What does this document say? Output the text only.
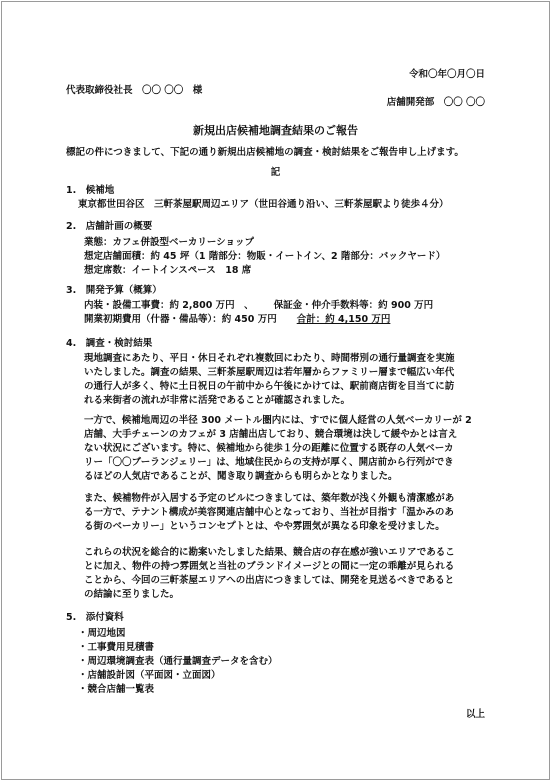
令和〇年〇月〇日
代表取締役社長　〇〇 〇〇　様
店舗開発部　〇〇 〇〇
新規出店候補地調査結果のご報告
標記の件につきまして、下記の通り新規出店候補地の調査・検討結果をご報告申し上げます。
記
1.　候補地
東京都世田谷区　三軒茶屋駅周辺エリア（世田谷通り沿い、三軒茶屋駅より徒歩４分）
2.　店舗計画の概要
業態：カフェ併設型ベーカリーショップ
想定店舗面積：約 45 坪（1 階部分：物販・イートイン、2 階部分：バックヤード）
想定席数：イートインスペース　18 席
3.　開発予算（概算）
内装・設備工事費：約 2,800 万円　、 保証金・仲介手数料等：約 900 万円
開業初期費用（什器・備品等）：約 450 万円 合計：約 4,150 万円
4.　調査・検討結果
現地調査にあたり、平日・休日それぞれ複数回にわたり、時間帯別の通行量調査を実施
いたしました。調査の結果、三軒茶屋駅周辺は若年層からファミリー層まで幅広い年代
の通行人が多く、特に土日祝日の午前中から午後にかけては、駅前商店街を目当てに訪
れる来街者の流れが非常に活発であることが確認されました。
一方で、候補地周辺の半径 300 メートル圏内には、すでに個人経営の人気ベーカリーが 2
店舗、大手チェーンのカフェが 3 店舗出店しており、競合環境は決して緩やかとは言え
ない状況にございます。特に、候補地から徒歩１分の距離に位置する既存の人気ベーカ
リー「〇〇ブーランジェリー」は、地域住民からの支持が厚く、開店前から行列ができ
るほどの人気店であることが、聞き取り調査からも明らかとなりました。
また、候補物件が入居する予定のビルにつきましては、築年数が浅く外観も清潔感があ
る一方で、テナント構成が美容関連店舗中心となっており、当社が目指す「温かみのあ
る街のベーカリー」というコンセプトとは、やや雰囲気が異なる印象を受けました。
これらの状況を総合的に勘案いたしました結果、競合店の存在感が強いエリアであるこ
とに加え、物件の持つ雰囲気と当社のブランドイメージとの間に一定の乖離が見られる
ことから、今回の三軒茶屋エリアへの出店につきましては、開発を見送るべきであると
の結論に至りました。
5.　添付資料
・周辺地図
・工事費用見積書
・周辺環境調査表（通行量調査データを含む）
・店舗設計図（平面図・立面図）
・競合店舗一覧表
以上
